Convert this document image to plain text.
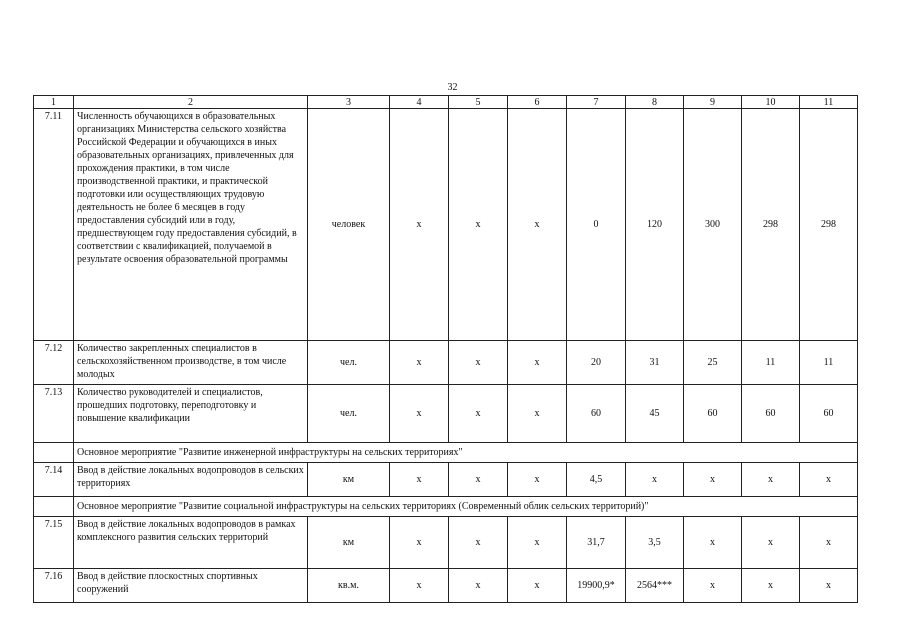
32
1	2	3	4	5	6	7	8	9	10	11
7.11	Численность обучающихся в образовательных организациях Министерства сельского хозяйства Российской Федерации и обучающихся в иных образовательных организациях, привлеченных для прохождения практики, в том числе производственной практики, и практической подготовки или осуществляющих трудовую деятельность не более 6 месяцев в году предоставления субсидий или в году, предшествующем году предоставления субсидий, в соответствии с квалификацией, получаемой в результате освоения образовательной программы	человек	х	х	х	0	120	300	298	298
7.12	Количество закрепленных специалистов в сельскохозяйственном производстве, в том числе молодых	чел.	х	х	х	20	31	25	11	11
7.13	Количество руководителей и специалистов, прошедших подготовку, переподготовку и повышение квалификации	чел.	х	х	х	60	45	60	60	60
	Основное мероприятие "Развитие инженерной инфраструктуры на сельских территориях"									
7.14	Ввод в действие локальных водопроводов в сельских территориях	км	х	х	х	4,5	х	х	х	х
	Основное мероприятие "Развитие социальной инфраструктуры на сельских территориях (Современный облик сельских территорий)"									
7.15	Ввод в действие локальных водопроводов в рамках комплексного развития сельских территорий	км	х	х	х	31,7	3,5	х	х	х
7.16	Ввод в действие плоскостных спортивных сооружений	кв.м.	х	х	х	19900,9*	2564***	х	х	х
